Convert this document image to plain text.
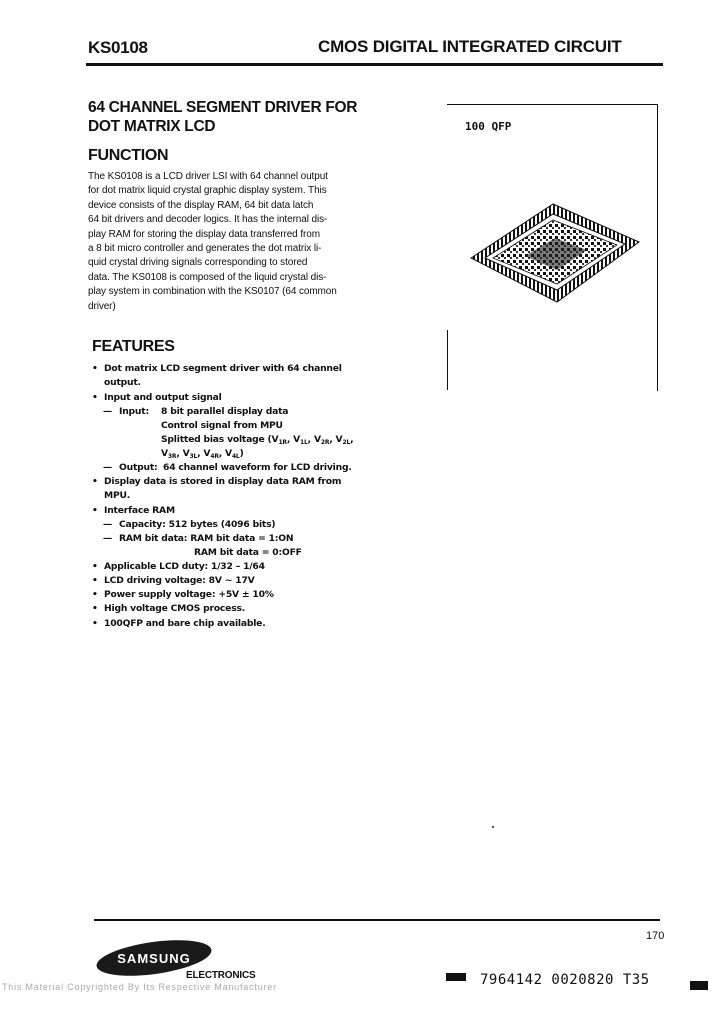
KS0108	CMOS DIGITAL INTEGRATED CIRCUIT
64 CHANNEL SEGMENT DRIVER FOR
DOT MATRIX LCD
FUNCTION
The KS0108 is a LCD driver LSI with 64 channel output
for dot matrix liquid crystal graphic display system. This
device consists of the display RAM, 64 bit data latch
64 bit drivers and decoder logics. It has the internal dis-
play RAM for storing the display data transferred from
a 8 bit micro controller and generates the dot matrix li-
quid crystal driving signals corresponding to stored
data. The KS0108 is composed of the liquid crystal dis-
play system in combination with the KS0107 (64 common
driver)
FEATURES
• Dot matrix LCD segment driver with 64 channel
output.
• Input and output signal
— Input: 8 bit parallel display data
Control signal from MPU
Splitted bias voltage ($V_{1R}$, $V_{1L}$, $V_{2R}$, $V_{2L}$,
$V_{3R}$, $V_{3L}$, $V_{4R}$, $V_{4L}$)
— Output: 64 channel waveform for LCD driving.
• Display data is stored in display data RAM from
MPU.
• Interface RAM
— Capacity: 512 bytes (4096 bits)
— RAM bit data: RAM bit data = 1:ON
RAM bit data = 0:OFF
• Applicable LCD duty: 1/32 – 1/64
• LCD driving voltage: 8V ~ 17V
• Power supply voltage: +5V ± 10%
• High voltage CMOS process.
• 100QFP and bare chip available.
100 QFP
170
SAMSUNG
ELECTRONICS	7964142 0020820 T35
This Material Copyrighted By Its Respective Manufacturer
